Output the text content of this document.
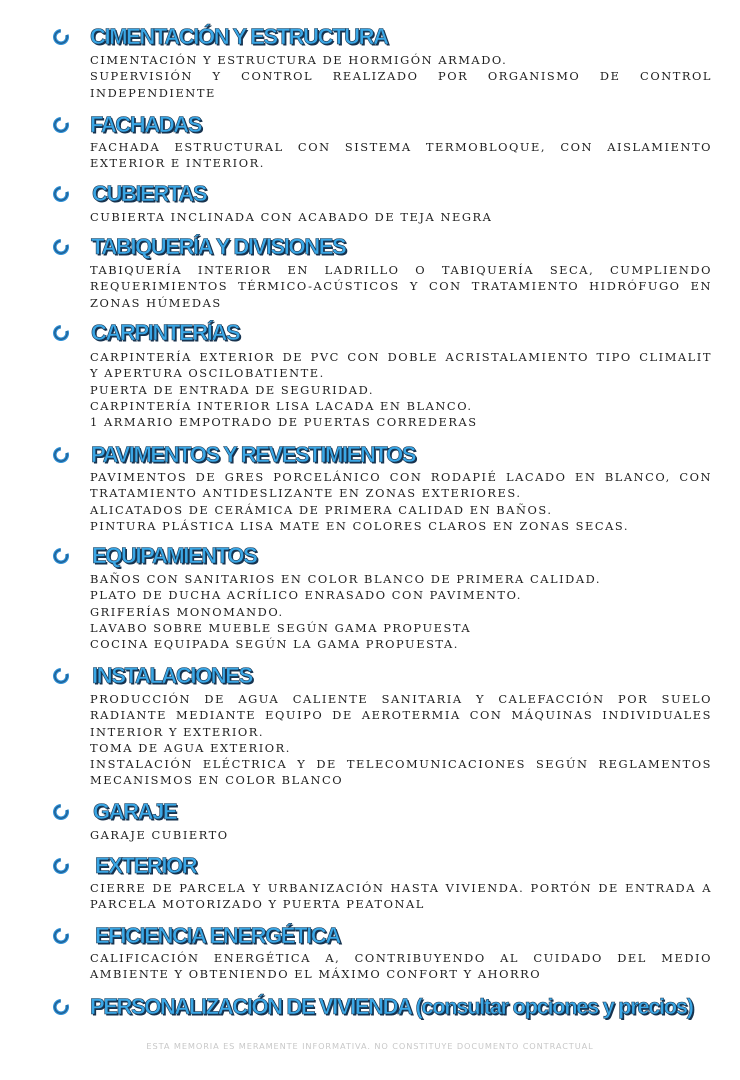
CIMENTACIÓN Y ESTRUCTURA
CIMENTACIÓN Y ESTRUCTURA DE HORMIGÓN ARMADO.
SUPERVISIÓN Y CONTROL REALIZADO POR ORGANISMO DE CONTROL
INDEPENDIENTE
FACHADAS
FACHADA ESTRUCTURAL CON SISTEMA TERMOBLOQUE, CON AISLAMIENTO
EXTERIOR E INTERIOR.
CUBIERTAS
CUBIERTA INCLINADA CON ACABADO DE TEJA NEGRA
TABIQUERÍA Y DIVISIONES
TABIQUERÍA INTERIOR EN LADRILLO O TABIQUERÍA SECA, CUMPLIENDO
REQUERIMIENTOS TÉRMICO-ACÚSTICOS Y CON TRATAMIENTO HIDRÓFUGO EN
ZONAS HÚMEDAS
CARPINTERÍAS
CARPINTERÍA EXTERIOR DE PVC CON DOBLE ACRISTALAMIENTO TIPO CLIMALIT
Y APERTURA OSCILOBATIENTE.
PUERTA DE ENTRADA DE SEGURIDAD.
CARPINTERÍA INTERIOR LISA LACADA EN BLANCO.
1 ARMARIO EMPOTRADO DE PUERTAS CORREDERAS
PAVIMENTOS Y REVESTIMIENTOS
PAVIMENTOS DE GRES PORCELÁNICO CON RODAPIÉ LACADO EN BLANCO, CON
TRATAMIENTO ANTIDESLIZANTE EN ZONAS EXTERIORES.
ALICATADOS DE CERÁMICA DE PRIMERA CALIDAD EN BAÑOS.
PINTURA PLÁSTICA LISA MATE EN COLORES CLAROS EN ZONAS SECAS.
EQUIPAMIENTOS
BAÑOS CON SANITARIOS EN COLOR BLANCO DE PRIMERA CALIDAD.
PLATO DE DUCHA ACRÍLICO ENRASADO CON PAVIMENTO.
GRIFERÍAS MONOMANDO.
LAVABO SOBRE MUEBLE SEGÚN GAMA PROPUESTA
COCINA EQUIPADA SEGÚN LA GAMA PROPUESTA.
INSTALACIONES
PRODUCCIÓN DE AGUA CALIENTE SANITARIA Y CALEFACCIÓN POR SUELO
RADIANTE MEDIANTE EQUIPO DE AEROTERMIA CON MÁQUINAS INDIVIDUALES
INTERIOR Y EXTERIOR.
TOMA DE AGUA EXTERIOR.
INSTALACIÓN ELÉCTRICA Y DE TELECOMUNICACIONES SEGÚN REGLAMENTOS
MECANISMOS EN COLOR BLANCO
GARAJE
GARAJE CUBIERTO
EXTERIOR
CIERRE DE PARCELA Y URBANIZACIÓN HASTA VIVIENDA. PORTÓN DE ENTRADA A
PARCELA MOTORIZADO Y PUERTA PEATONAL
EFICIENCIA ENERGÉTICA
CALIFICACIÓN ENERGÉTICA A, CONTRIBUYENDO AL CUIDADO DEL MEDIO
AMBIENTE Y OBTENIENDO EL MÁXIMO CONFORT Y AHORRO
PERSONALIZACIÓN DE VIVIENDA (consultar opciones y precios)
ESTA MEMORIA ES MERAMENTE INFORMATIVA. NO CONSTITUYE DOCUMENTO CONTRACTUAL
